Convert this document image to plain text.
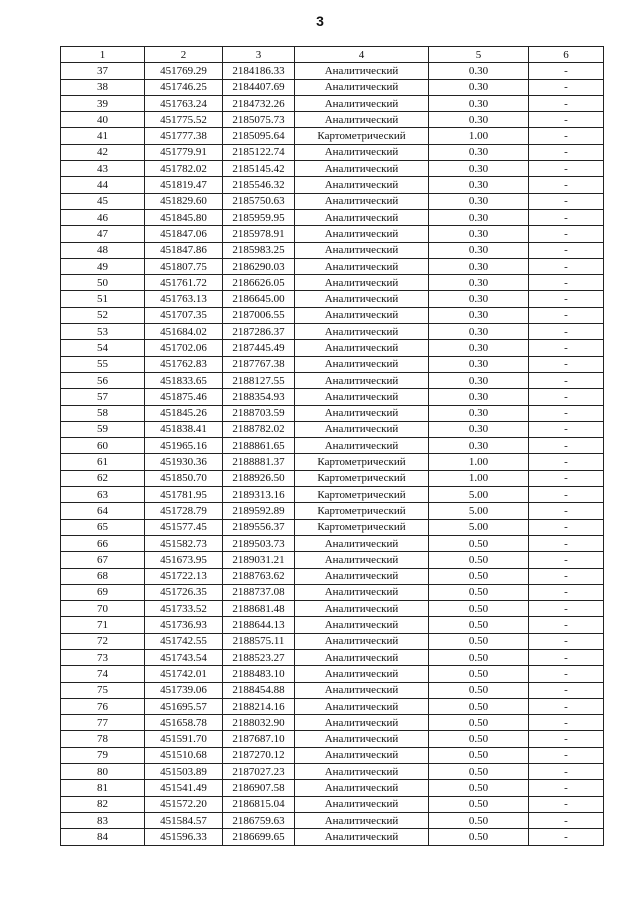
3
1	2	3	4	5	6
37	451769.29	2184186.33	Аналитический	0.30	-
38	451746.25	2184407.69	Аналитический	0.30	-
39	451763.24	2184732.26	Аналитический	0.30	-
40	451775.52	2185075.73	Аналитический	0.30	-
41	451777.38	2185095.64	Картометрический	1.00	-
42	451779.91	2185122.74	Аналитический	0.30	-
43	451782.02	2185145.42	Аналитический	0.30	-
44	451819.47	2185546.32	Аналитический	0.30	-
45	451829.60	2185750.63	Аналитический	0.30	-
46	451845.80	2185959.95	Аналитический	0.30	-
47	451847.06	2185978.91	Аналитический	0.30	-
48	451847.86	2185983.25	Аналитический	0.30	-
49	451807.75	2186290.03	Аналитический	0.30	-
50	451761.72	2186626.05	Аналитический	0.30	-
51	451763.13	2186645.00	Аналитический	0.30	-
52	451707.35	2187006.55	Аналитический	0.30	-
53	451684.02	2187286.37	Аналитический	0.30	-
54	451702.06	2187445.49	Аналитический	0.30	-
55	451762.83	2187767.38	Аналитический	0.30	-
56	451833.65	2188127.55	Аналитический	0.30	-
57	451875.46	2188354.93	Аналитический	0.30	-
58	451845.26	2188703.59	Аналитический	0.30	-
59	451838.41	2188782.02	Аналитический	0.30	-
60	451965.16	2188861.65	Аналитический	0.30	-
61	451930.36	2188881.37	Картометрический	1.00	-
62	451850.70	2188926.50	Картометрический	1.00	-
63	451781.95	2189313.16	Картометрический	5.00	-
64	451728.79	2189592.89	Картометрический	5.00	-
65	451577.45	2189556.37	Картометрический	5.00	-
66	451582.73	2189503.73	Аналитический	0.50	-
67	451673.95	2189031.21	Аналитический	0.50	-
68	451722.13	2188763.62	Аналитический	0.50	-
69	451726.35	2188737.08	Аналитический	0.50	-
70	451733.52	2188681.48	Аналитический	0.50	-
71	451736.93	2188644.13	Аналитический	0.50	-
72	451742.55	2188575.11	Аналитический	0.50	-
73	451743.54	2188523.27	Аналитический	0.50	-
74	451742.01	2188483.10	Аналитический	0.50	-
75	451739.06	2188454.88	Аналитический	0.50	-
76	451695.57	2188214.16	Аналитический	0.50	-
77	451658.78	2188032.90	Аналитический	0.50	-
78	451591.70	2187687.10	Аналитический	0.50	-
79	451510.68	2187270.12	Аналитический	0.50	-
80	451503.89	2187027.23	Аналитический	0.50	-
81	451541.49	2186907.58	Аналитический	0.50	-
82	451572.20	2186815.04	Аналитический	0.50	-
83	451584.57	2186759.63	Аналитический	0.50	-
84	451596.33	2186699.65	Аналитический	0.50	-
